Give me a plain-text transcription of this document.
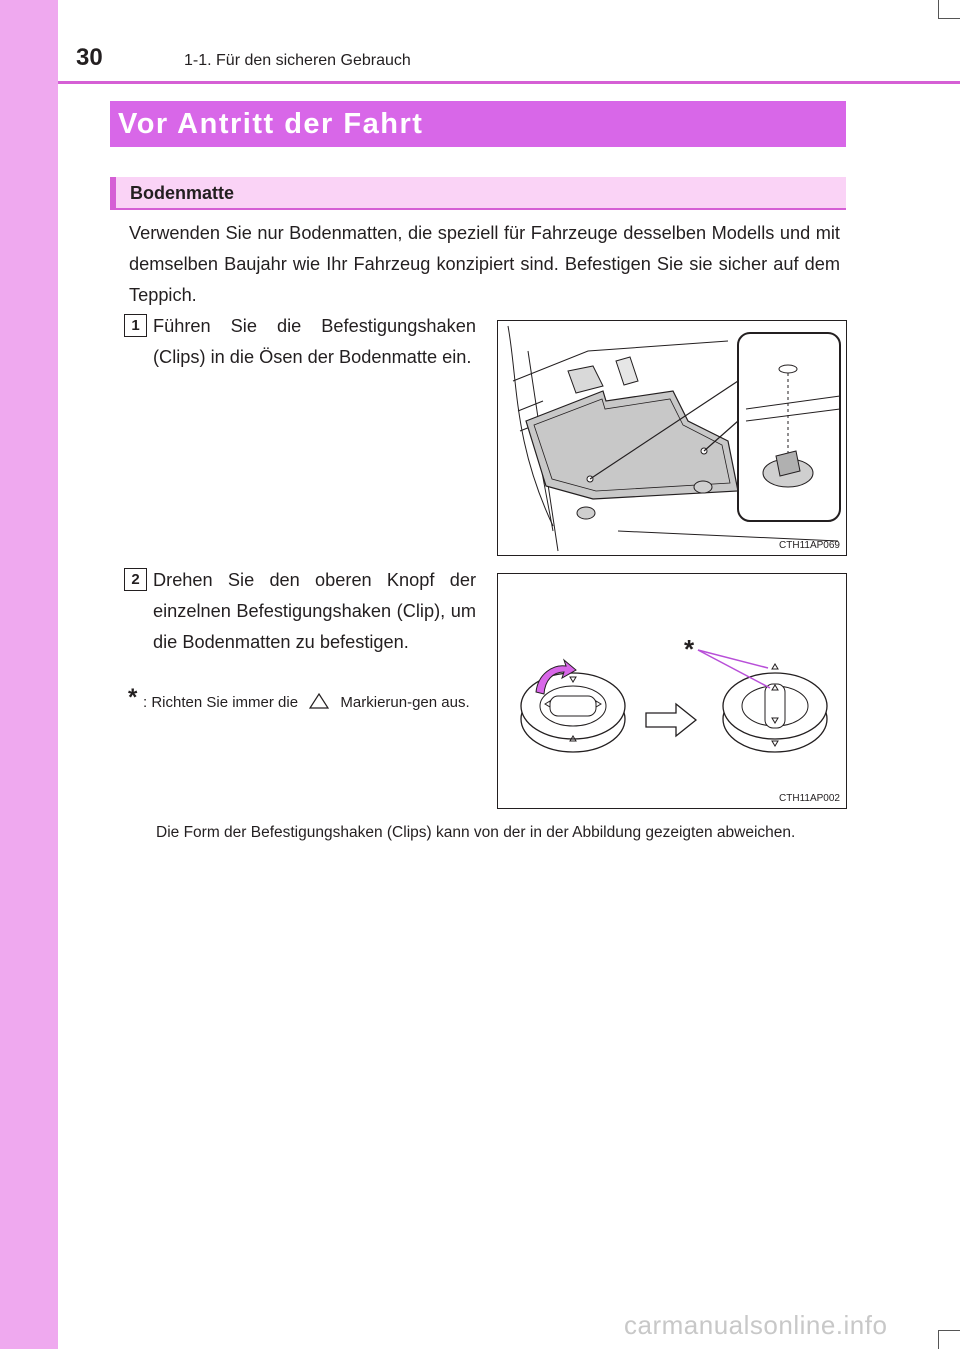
30	1-1. Für den sicheren Gebrauch
Vor Antritt der Fahrt
Bodenmatte
Verwenden Sie nur Bodenmatten, die speziell für Fahrzeuge desselben Modells und mit demselben Baujahr wie Ihr Fahrzeug konzipiert sind. Befestigen Sie sie sicher auf dem Teppich.
1 Führen Sie die Befestigungshaken (Clips) in die Ösen der Bodenmatte ein.
CTH11AP069
2 Drehen Sie den oberen Knopf der einzelnen Befestigungshaken (Clip), um die Bodenmatten zu befestigen.
* : Richten Sie immer die	Markierun-gen aus.
*
CTH11AP002
Die Form der Befestigungshaken (Clips) kann von der in der Abbildung gezeigten abweichen.
carmanualsonline.info
